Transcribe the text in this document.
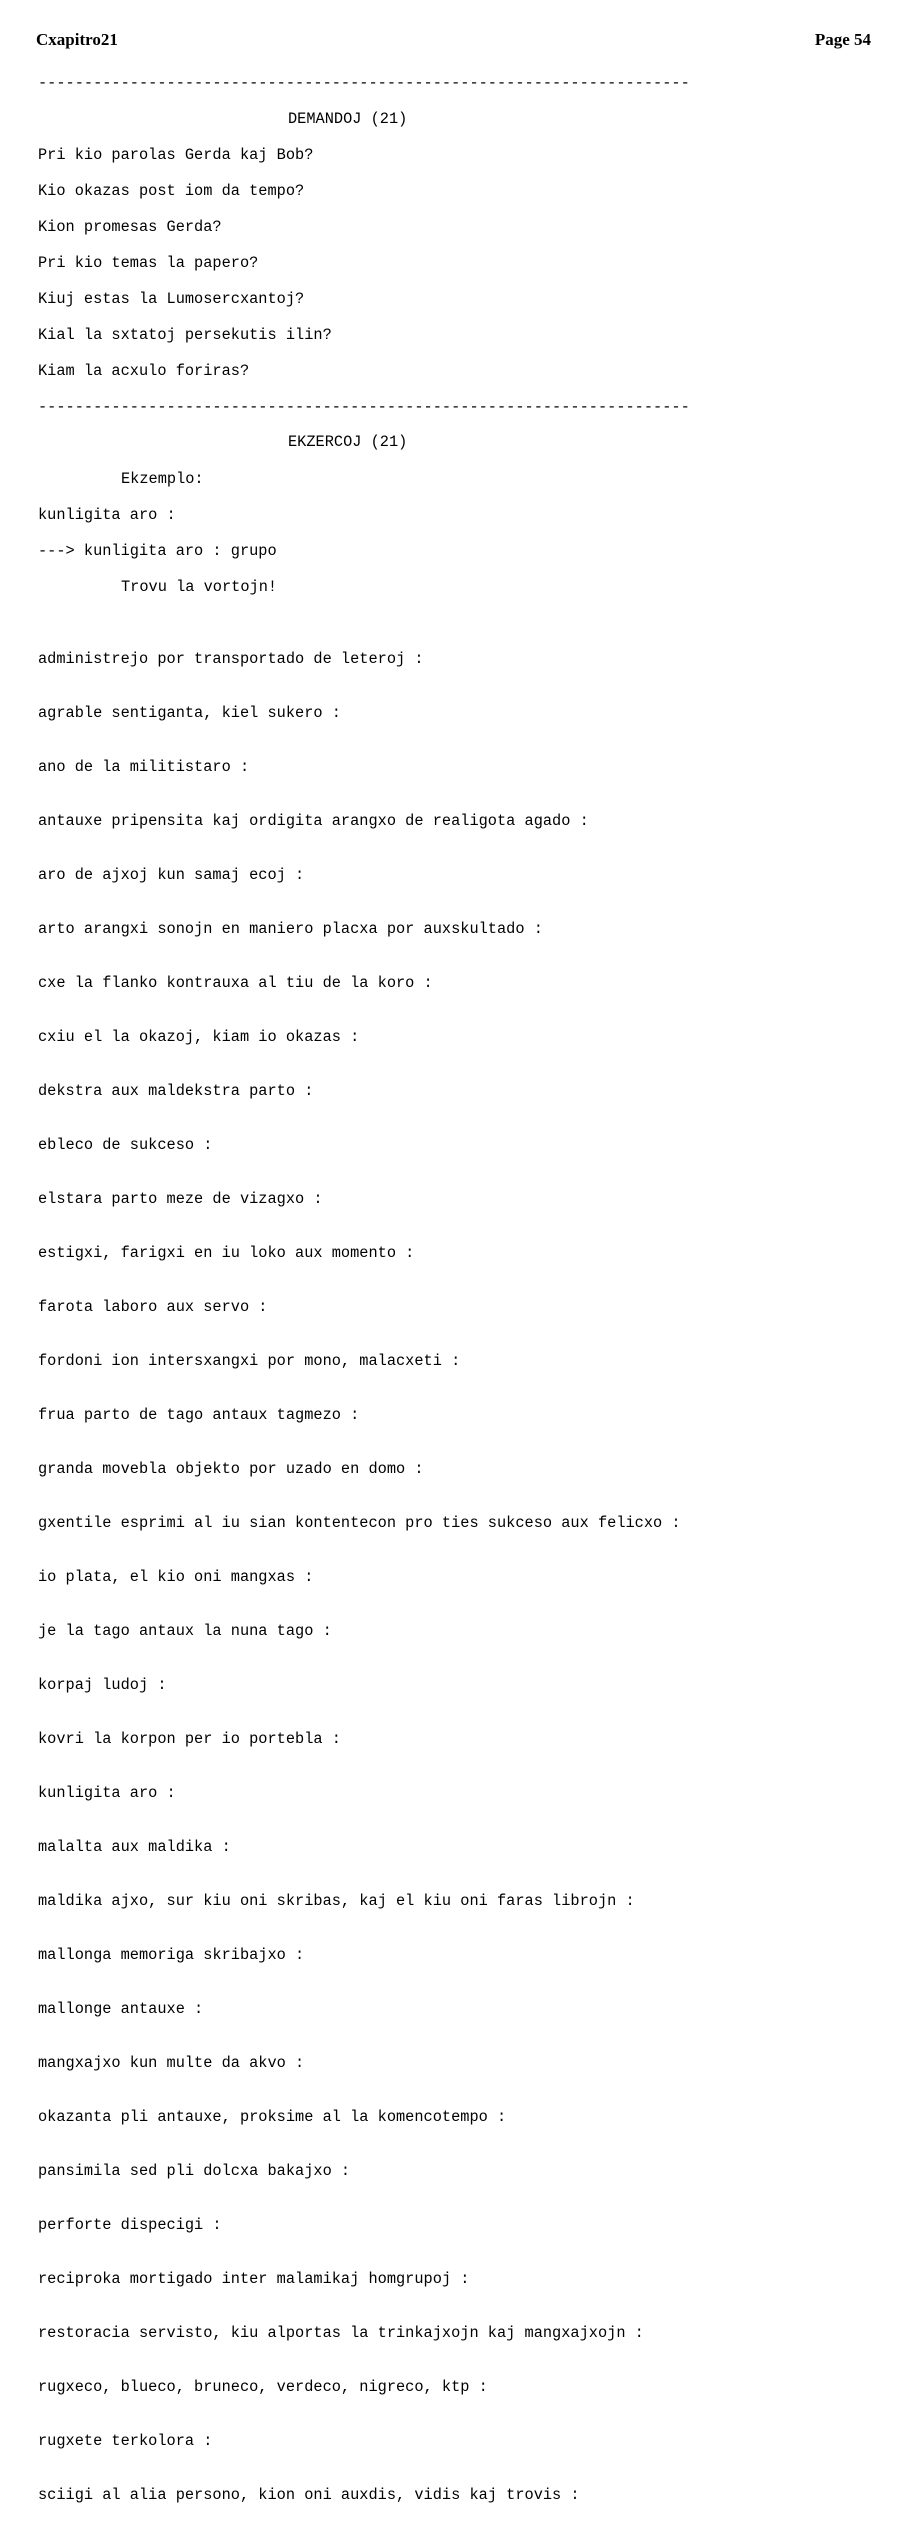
Cxapitro21	Page 54
-----------------------------------------------------------------------
DEMANDOJ (21)
Pri kio parolas Gerda kaj Bob?
Kio okazas post iom da tempo?
Kion promesas Gerda?
Pri kio temas la papero?
Kiuj estas la Lumosercxantoj?
Kial la sxtatoj persekutis ilin?
Kiam la acxulo foriras?
-----------------------------------------------------------------------
EKZERCOJ (21)
Ekzemplo:
kunligita aro :
---> kunligita aro : grupo
Trovu la vortojn!

administrejo por transportado de leteroj :

agrable sentiganta, kiel sukero :

ano de la militistaro :

antauxe pripensita kaj ordigita arangxo de realigota agado :

aro de ajxoj kun samaj ecoj :

arto arangxi sonojn en maniero placxa por auxskultado :

cxe la flanko kontrauxa al tiu de la koro :

cxiu el la okazoj, kiam io okazas :

dekstra aux maldekstra parto :

ebleco de sukceso :

elstara parto meze de vizagxo :

estigxi, farigxi en iu loko aux momento :

farota laboro aux servo :

fordoni ion intersxangxi por mono, malacxeti :

frua parto de tago antaux tagmezo :

granda movebla objekto por uzado en domo :

gxentile esprimi al iu sian kontentecon pro ties sukceso aux felicxo :

io plata, el kio oni mangxas :

je la tago antaux la nuna tago :

korpaj ludoj :

kovri la korpon per io portebla :

kunligita aro :

malalta aux maldika :

maldika ajxo, sur kiu oni skribas, kaj el kiu oni faras librojn :

mallonga memoriga skribajxo :

mallonge antauxe :

mangxajxo kun multe da akvo :

okazanta pli antauxe, proksime al la komencotempo :

pansimila sed pli dolcxa bakajxo :

perforte dispecigi :

reciproka mortigado inter malamikaj homgrupoj :

restoracia servisto, kiu alportas la trinkajxojn kaj mangxajxojn :

rugxeco, blueco, bruneco, verdeco, nigreco, ktp :

rugxete terkolora :

sciigi al alia persono, kion oni auxdis, vidis kaj trovis :
